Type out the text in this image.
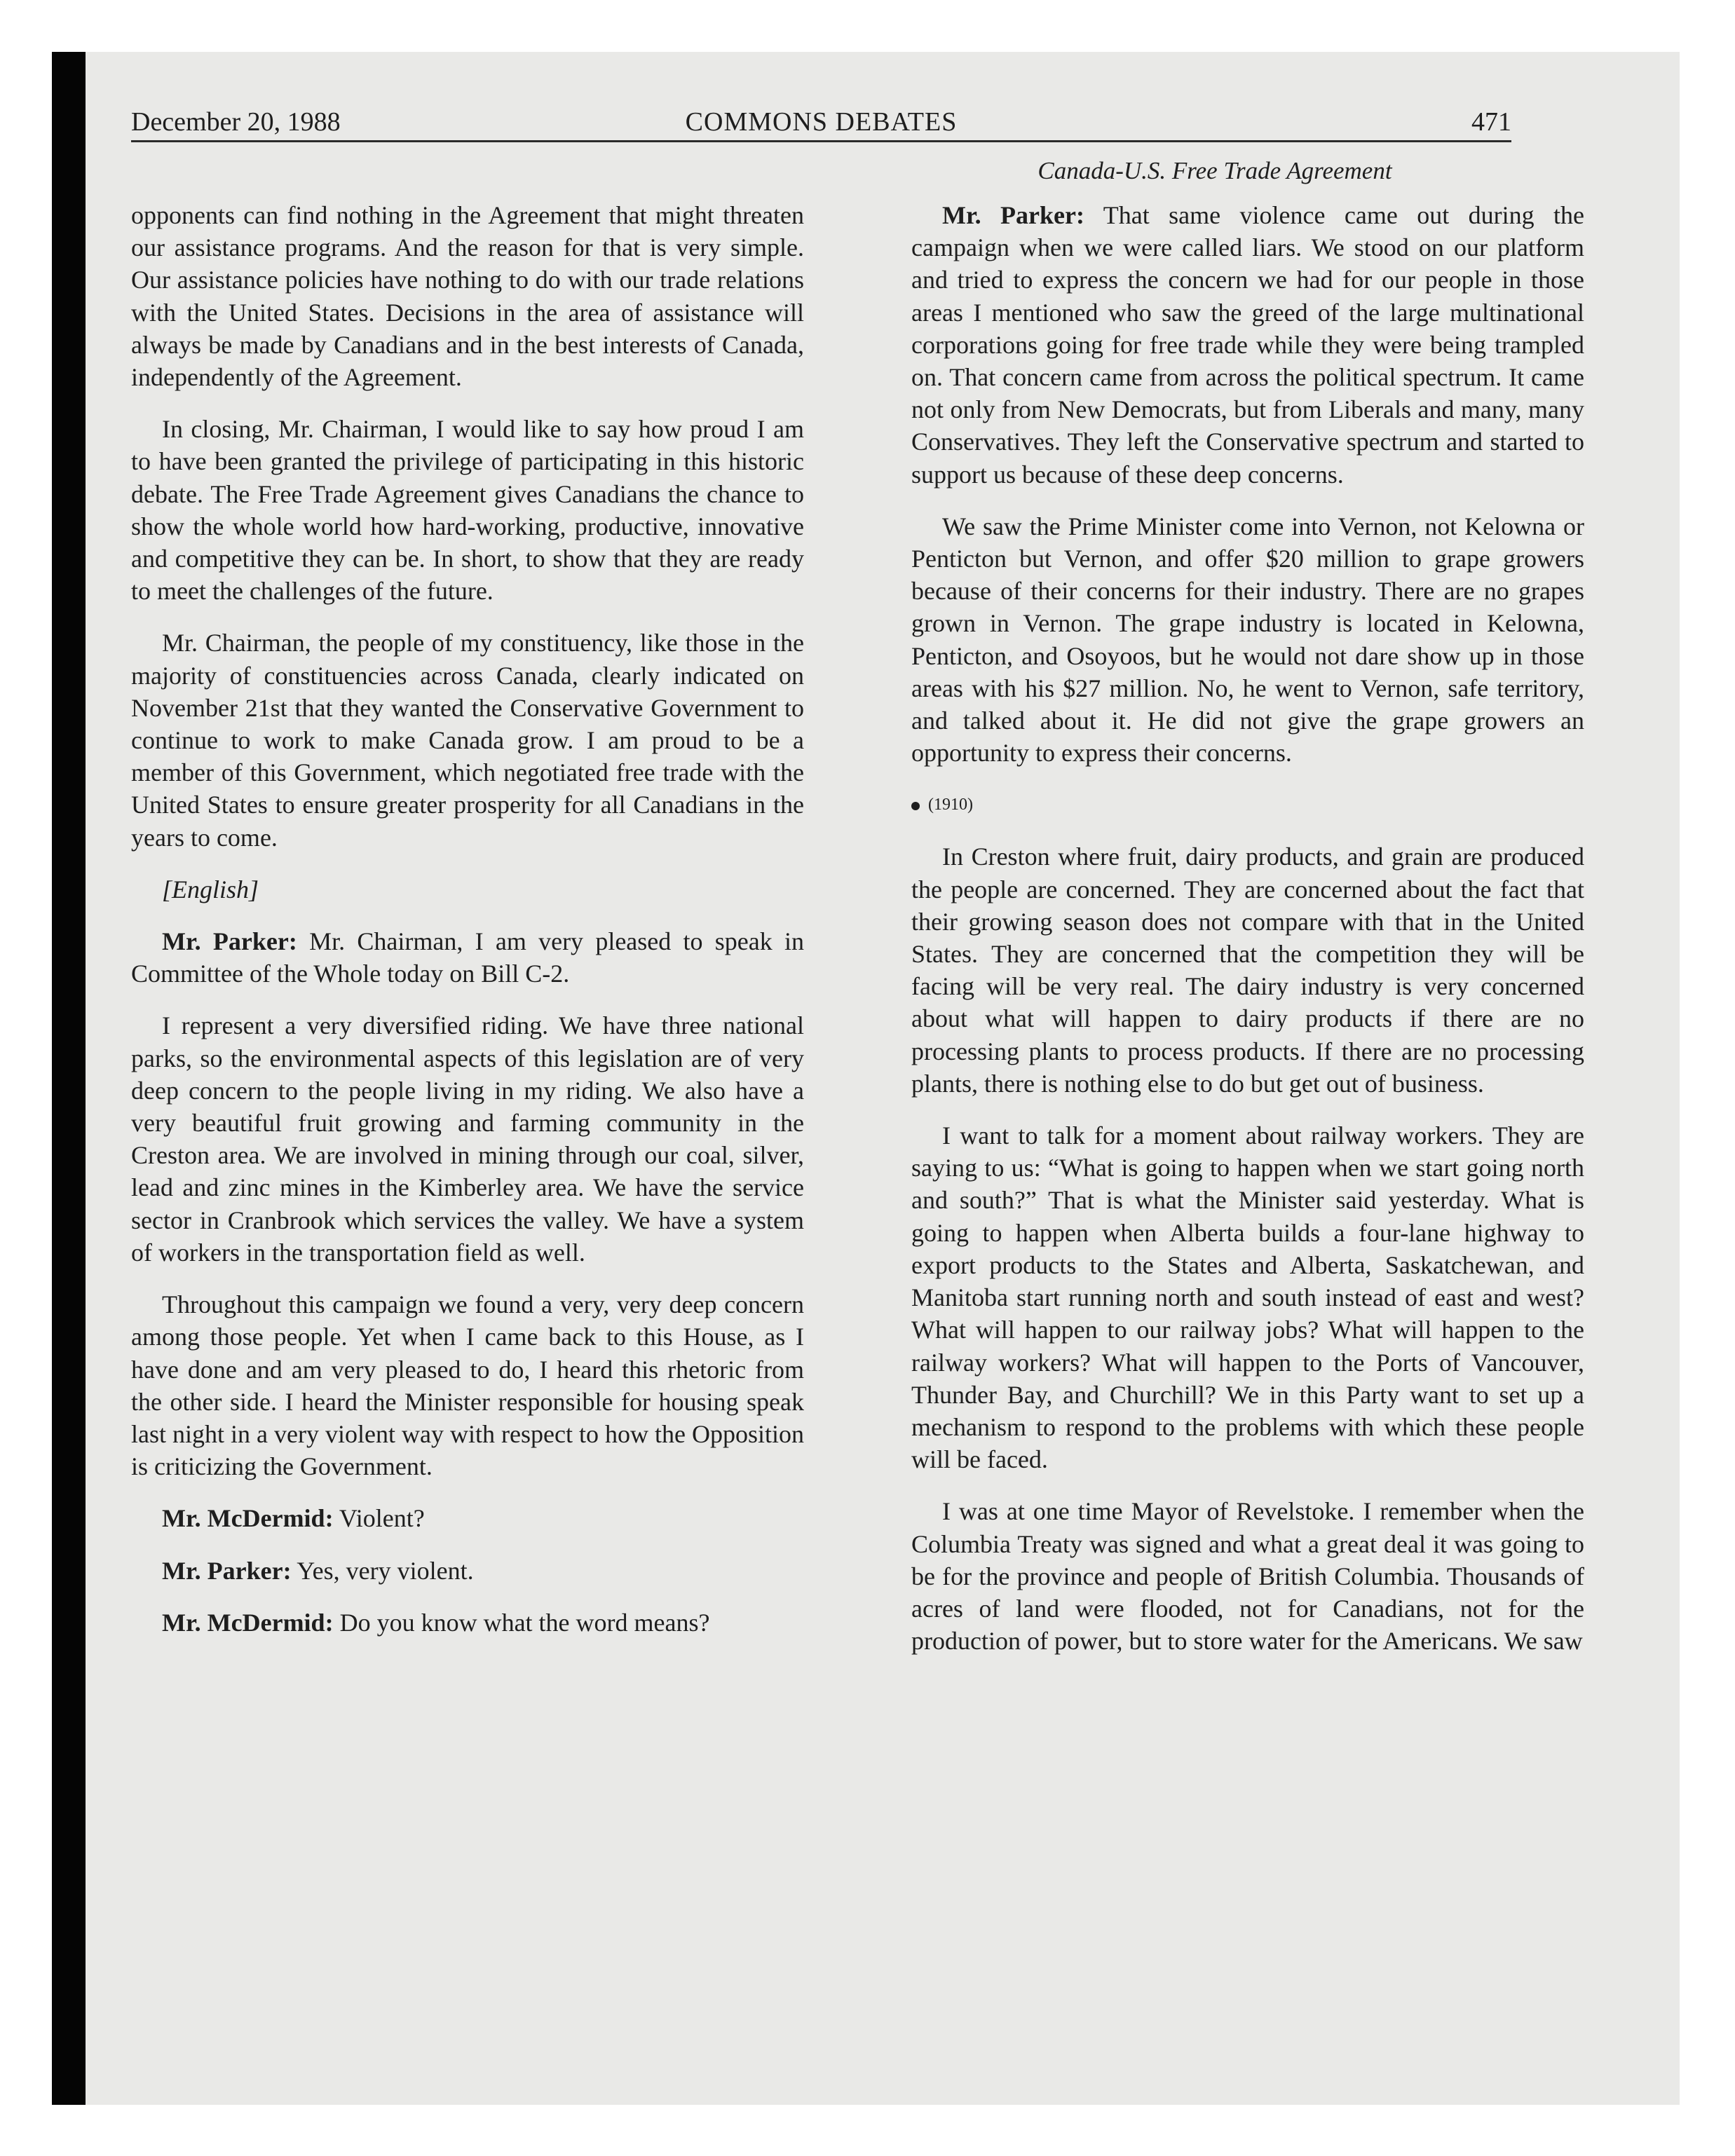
December 20, 1988	COMMONS DEBATES	471
Canada-U.S. Free Trade Agreement

opponents can find nothing in the Agreement that might threaten our assistance programs. And the reason for that is very simple. Our assistance policies have nothing to do with our trade relations with the United States. Decisions in the area of assistance will always be made by Canadians and in the best interests of Canada, independently of the Agreement.

In closing, Mr. Chairman, I would like to say how proud I am to have been granted the privilege of participating in this historic debate. The Free Trade Agreement gives Canadians the chance to show the whole world how hard-working, productive, innovative and competitive they can be. In short, to show that they are ready to meet the challenges of the future.

Mr. Chairman, the people of my constituency, like those in the majority of constituencies across Canada, clearly indicated on November 21st that they wanted the Conservative Government to continue to work to make Canada grow. I am proud to be a member of this Government, which negotiated free trade with the United States to ensure greater prosperity for all Canadians in the years to come.

[English]

Mr. Parker: Mr. Chairman, I am very pleased to speak in Committee of the Whole today on Bill C-2.

I represent a very diversified riding. We have three national parks, so the environmental aspects of this legislation are of very deep concern to the people living in my riding. We also have a very beautiful fruit growing and farming community in the Creston area. We are involved in mining through our coal, silver, lead and zinc mines in the Kimberley area. We have the service sector in Cranbrook which services the valley. We have a system of workers in the transportation field as well.

Throughout this campaign we found a very, very deep concern among those people. Yet when I came back to this House, as I have done and am very pleased to do, I heard this rhetoric from the other side. I heard the Minister responsible for housing speak last night in a very violent way with respect to how the Opposition is criticizing the Government.

Mr. McDermid: Violent?

Mr. Parker: Yes, very violent.

Mr. McDermid: Do you know what the word means?

Mr. Parker: That same violence came out during the campaign when we were called liars. We stood on our platform and tried to express the concern we had for our people in those areas I mentioned who saw the greed of the large multinational corporations going for free trade while they were being trampled on. That concern came from across the political spectrum. It came not only from New Democrats, but from Liberals and many, many Conservatives. They left the Conservative spectrum and started to support us because of these deep concerns.

We saw the Prime Minister come into Vernon, not Kelowna or Penticton but Vernon, and offer $20 million to grape growers because of their concerns for their industry. There are no grapes grown in Vernon. The grape industry is located in Kelowna, Penticton, and Osoyoos, but he would not dare show up in those areas with his $27 million. No, he went to Vernon, safe territory, and talked about it. He did not give the grape growers an opportunity to express their concerns.

(1910)

In Creston where fruit, dairy products, and grain are produced the people are concerned. They are concerned about the fact that their growing season does not compare with that in the United States. They are concerned that the competition they will be facing will be very real. The dairy industry is very concerned about what will happen to dairy products if there are no processing plants to process products. If there are no processing plants, there is nothing else to do but get out of business.

I want to talk for a moment about railway workers. They are saying to us: “What is going to happen when we start going north and south?” That is what the Minister said yesterday. What is going to happen when Alberta builds a four-lane highway to export products to the States and Alberta, Saskatchewan, and Manitoba start running north and south instead of east and west? What will happen to our railway jobs? What will happen to the railway workers? What will happen to the Ports of Vancouver, Thunder Bay, and Churchill? We in this Party want to set up a mechanism to respond to the problems with which these people will be faced.

I was at one time Mayor of Revelstoke. I remember when the Columbia Treaty was signed and what a great deal it was going to be for the province and people of British Columbia. Thousands of acres of land were flooded, not for Canadians, not for the production of power, but to store water for the Americans. We saw
